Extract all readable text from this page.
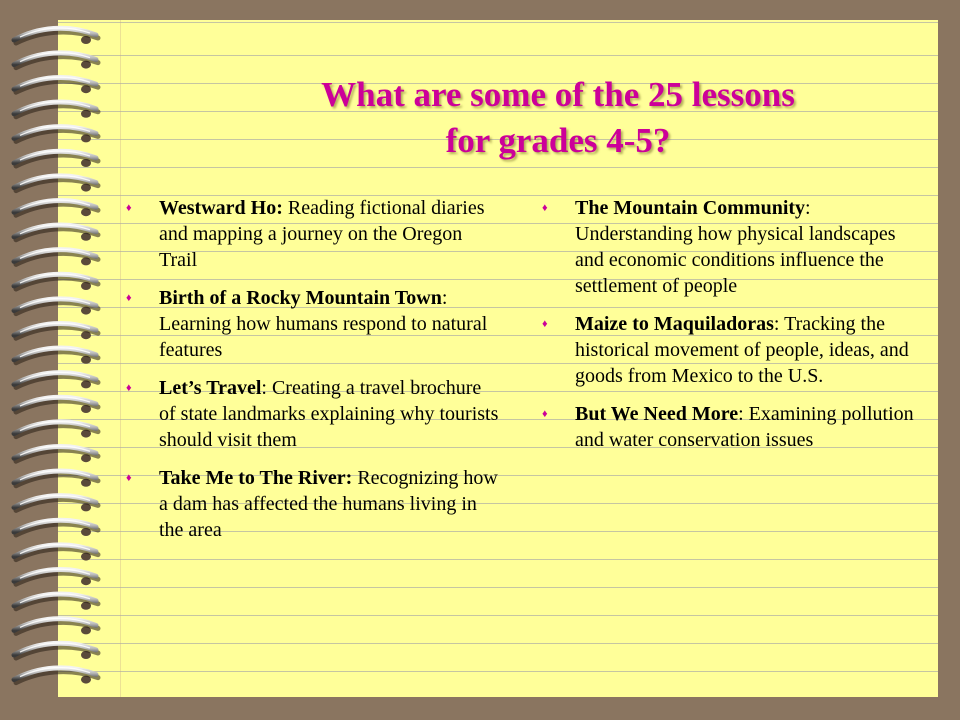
What are some of the 25 lessons
for grades 4-5?
♦ Westward Ho: Reading fictional diaries and mapping a journey on the Oregon Trail
♦ Birth of a Rocky Mountain Town: Learning how humans respond to natural features
♦ Let’s Travel: Creating a travel brochure of state landmarks explaining why tourists should visit them
♦ Take Me to The River: Recognizing how a dam has affected the humans living in the area
♦ The Mountain Community: Understanding how physical landscapes and economic conditions influence the settlement of people
♦ Maize to Maquiladoras: Tracking the historical movement of people, ideas, and goods from Mexico to the U.S.
♦ But We Need More: Examining pollution and water conservation issues
